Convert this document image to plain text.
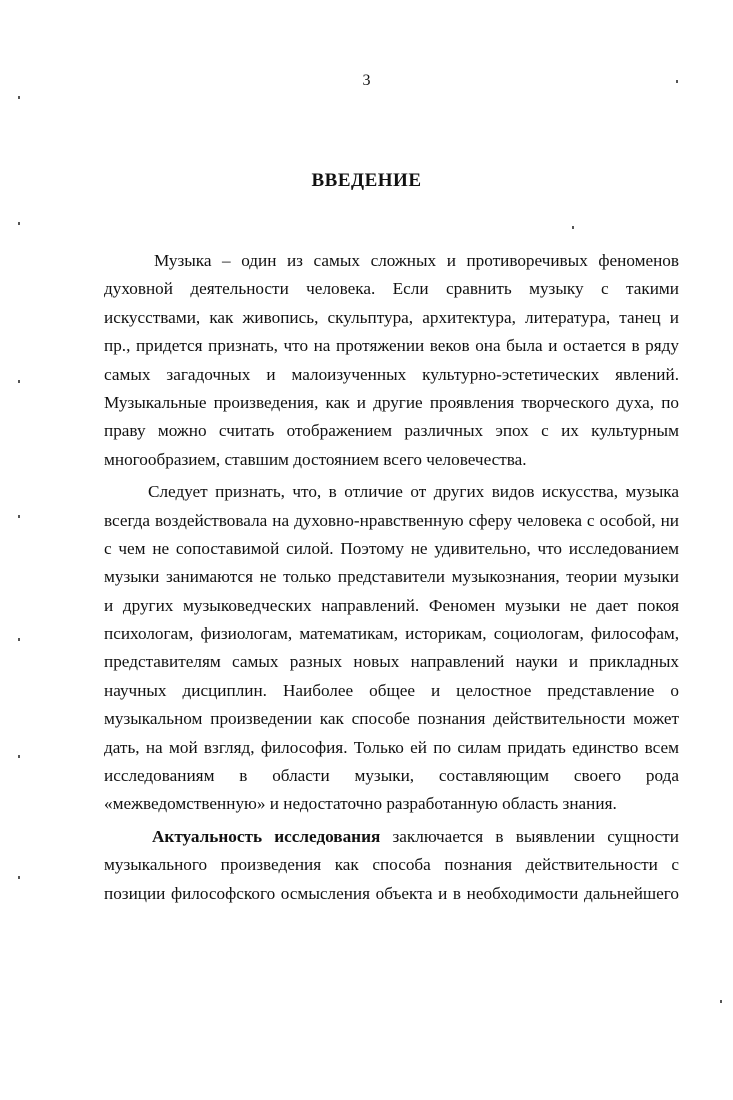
3
ВВЕДЕНИЕ
Музыка – один из самых сложных и противоречивых феноменов
духовной деятельности человека. Если сравнить музыку с такими
искусствами, как живопись, скульптура, архитектура, литература, танец и
пр., придется признать, что на протяжении веков она была и остается в ряду
самых загадочных и малоизученных культурно-эстетических явлений.
Музыкальные произведения, как и другие проявления творческого духа, по
праву можно считать отображением различных эпох с их культурным
многообразием, ставшим достоянием всего человечества.
Следует признать, что, в отличие от других видов искусства, музыка
всегда воздействовала на духовно-нравственную сферу человека с особой, ни
с чем не сопоставимой силой. Поэтому не удивительно, что исследованием
музыки занимаются не только представители музыкознания, теории музыки
и других музыковедческих направлений. Феномен музыки не дает покоя
психологам, физиологам, математикам, историкам, социологам, философам,
представителям самых разных новых направлений науки и прикладных
научных дисциплин. Наиболее общее и целостное представление о
музыкальном произведении как способе познания действительности может
дать, на мой взгляд, философия. Только ей по силам придать единство всем
исследованиям в области музыки, составляющим своего рода
«межведомственную» и недостаточно разработанную область знания.
Актуальность исследования заключается в выявлении сущности
музыкального произведения как способа познания действительности с
позиции философского осмысления объекта и в необходимости дальнейшего
